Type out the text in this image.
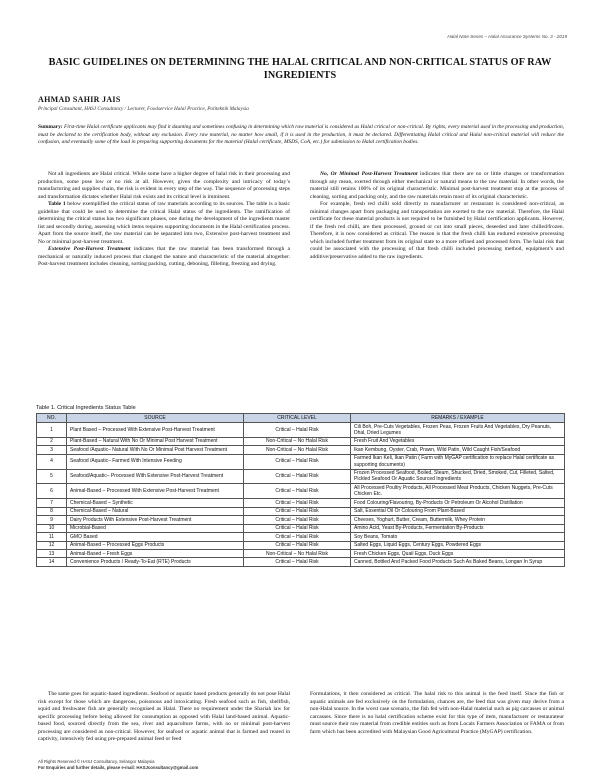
Halal Note Series – Halal Assurance Systems No. 3 - 2019
BASIC GUIDELINES ON DETERMINING THE HALAL CRITICAL AND NON-CRITICAL STATUS OF RAW INGREDIENTS
AHMAD SAHIR JAIS
Principal Consultant, HASJ Consultancy / Lecturer, Foodservice Halal Practice, Politeknik Malaysia
Summary: First-time Halal certificate applicants may find it daunting and sometimes confusing in determining which raw material is considered as Halal critical or non-critical. By rights, every material used in the processing and production, must be declared to the certification body, without any exclusion. Every raw material, no matter how small, if it is used in the production, it must be declared. Differentiating Halal critical and Halal non-critical material will reduce the confusion, and eventually some of the load in preparing supporting documents for the material (Halal certificate, MSDS, CoA, etc.) for submission to Halal certification bodies.

Not all ingredients are Halal critical. While some have a higher degree of halal risk in their processing and production, some pose low or no risk at all. However, given the complexity and intricacy of today’s manufacturing and supplies chain, the risk is evident in every step of the way. The sequence of processing steps and transformation dictates whether Halal risk exists and its critical level is imminent.

Table 1 below exemplified the critical status of raw materials according to its sources. The table is a basic guideline that could be used to determine the critical Halal status of the ingredients. The ramification of determining the critical status has two significant phases, one during the development of the ingredients master list and secondly during, assessing which items requires supporting documents in the Halal certification process. Apart from the source itself, the raw material can be separated into two, Extensive post-harvest treatment and No or minimal post-harvest treatment.

Extensive Post-Harvest Treatment indicates that the raw material has been transformed through a mechanical or naturally induced process that changed the nature and characteristic of the material altogether. Post-harvest treatment includes cleaning, sorting packing, cutting, deboning, filleting, freezing and drying.

No, Or Minimal Post-Harvest Treatment indicates that there are no or little changes or transformation through any mean, exerted through either mechanical or natural means to the raw material. In other words, the material still retains 100% of its original characteristic. Minimal post-harvest treatment stop at the process of cleaning, sorting and packing only, and the raw materials retain most of its original characteristic.

For example, fresh red chilli sold directly to manufacturer or restaurant is considered non-critical, as minimal changes apart from packaging and transportation are exerted to the raw material. Therefore, the Halal certificate for these material products is not required to be furnished by Halal certification applicants. However, if the fresh red chilli, are then processed, ground or cut into small pieces, deseeded and later chilled/frozen. Therefore, it is now considered as critical. The reason is that the fresh chilli has endured extensive processing which included further treatment from its original state to a more refined and processed form. The halal risk that could be associated with the processing of that fresh chilli included processing method, equipment’s and additive/preservative added to the raw ingredients.

Table 1. Critical Ingredients Status Table
NO.	SOURCE	CRITICAL LEVEL	REMARKS / EXAMPLE
1	Plant Based – Processed With Extensive Post-Harvest Treatment	Critical – Halal Risk	Cili Boh, Pre-Cuts Vegetables, Frozen Peas, Frozen Fruits And Vegetables, Dry Peanuts, Dhal, Dried Legumes
2	Plant-Based – Natural With No Or Minimal Post Harvest Treatment	Non-Critical – No Halal Risk	Fresh Fruit And Vegetables
3	Seafood /Aquatic– Natural With No Or Minimal Post Harvest Treatment	Non-Critical – No Halal Risk	Ikan Kembung, Oyster, Crab, Prawn, Wild Patin, Wild Caught Fish/Seafood
4	Seafood /Aquatic– Farmed With Intensive Feeding	Critical – Halal Risk	Farmed Ikan Keli, Ikan Patin ( Farm with MyGAP certification to replace Halal certificate as supporting documents)
5	Seafood/Aquatic– Processed With Extensive Post-Harvest Treatment	Critical – Halal Risk	Frozen Processed Seafood, Boiled, Steam, Shucked, Dried, Smoked, Cut, Filleted, Salted, Pickled Seafood Or Aquatic Sourced Ingredients
6	Animal-Based – Processed With Extensive Post-Harvest Treatment	Critical – Halal Risk	All Processed Poultry Products, All Processed Meat Products, Chicken Nuggets, Pre-Cuts Chicken Etc.
7	Chemical-Based – Synthetic	Critical – Halal Risk	Food Colouring/Flavouring, By-Products Or Petroleum Or Alcohol Distillation
8	Chemical-Based – Natural	Critical – Halal Risk	Salt, Essential Oil Or Colouring From Plant-Based
9	Dairy Products With Extensive Post-Harvest Treatment	Critical – Halal Risk	Cheeses, Yoghurt, Butter, Cream, Buttermilk, Whey Protein
10	Microbial-Based	Critical – Halal Risk	Amino Acid, Yeast By-Products, Fermentation By-Products
11	GMO Based	Critical – Halal Risk	Soy Beans, Tomato
12	Animal-Based – Processed Eggs Products	Critical – Halal Risk	Salted Eggs, Liquid Eggs, Century Eggs, Powdered Eggs
13	Animal-Based – Fresh Eggs	Non-Critical – No Halal Risk	Fresh Chicken Eggs, Quail Eggs, Duck Eggs
14	Convenience Products / Ready-To-Eat (RTE) Products	Critical – Halal Risk	Canned, Bottled And Packed Food Products Such As Baked Beans, Longan In Syrup

The same goes for aquatic-based ingredients. Seafood or aquatic based products generally do not pose Halal risk except for those which are dangerous, poisonous and intoxicating. Fresh seafood such as fish, shellfish, squid and freshwater fish are generally recognised as Halal. There no requirement under the Shariah law for specific processing before being allowed for consumption as opposed with Halal land-based animal. Aquatic-based food, sourced directly from the sea, river and aquaculture farms, with no or minimal post-harvest processing are considered as non-critical. However, for seafood or aquatic animal that is farmed and reared in captivity, intensively fed using pre-prepared animal feed or feed

Formulations, it then considered as critical. The halal risk to this animal is the feed itself. Since the fish or aquatic animals are fed exclusively on the formulation, chances are, the feed that was given may derive from a non-Halal source. In the worst case scenario, the fish fed with non-Halal material such as pig carcasses or animal carcasses. Since there is no halal certification scheme exist for this type of item, manufacturer or restaurateur must source their raw material from credible entities such as from Locals Farmers Association or FAMA or from farm which has been accredited with Malaysian Good Agricultural Practice (MyGAP) certification.

All Rights Reserved © HASJ Consultancy, Selangor Malaysia
For Enquiries and further details, please e-mail: HASJconsultancy@gmail.com
